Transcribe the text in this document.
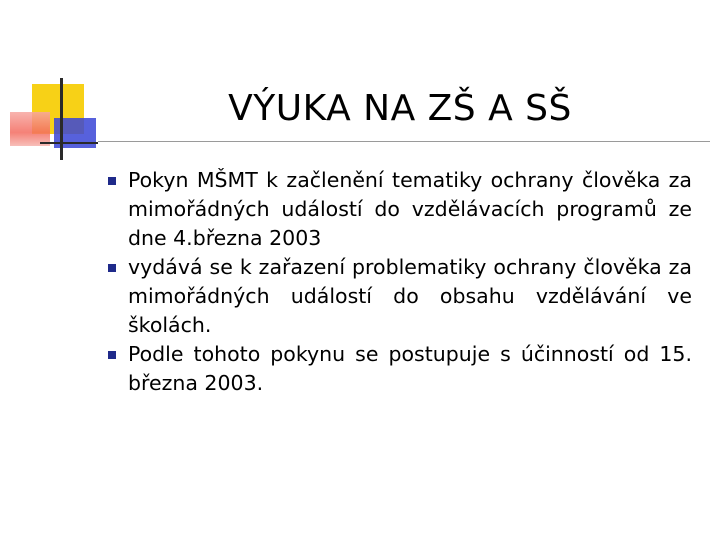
VÝUKA NA ZŠ A SŠ

Pokyn MŠMT k začlenění tematiky ochrany člověka za mimořádných událostí do vzdělávacích programů ze dne 4.března 2003

vydává se k zařazení problematiky ochrany člověka za mimořádných událostí do obsahu vzdělávání ve školách.

Podle tohoto pokynu se postupuje s účinností od 15. března 2003.
